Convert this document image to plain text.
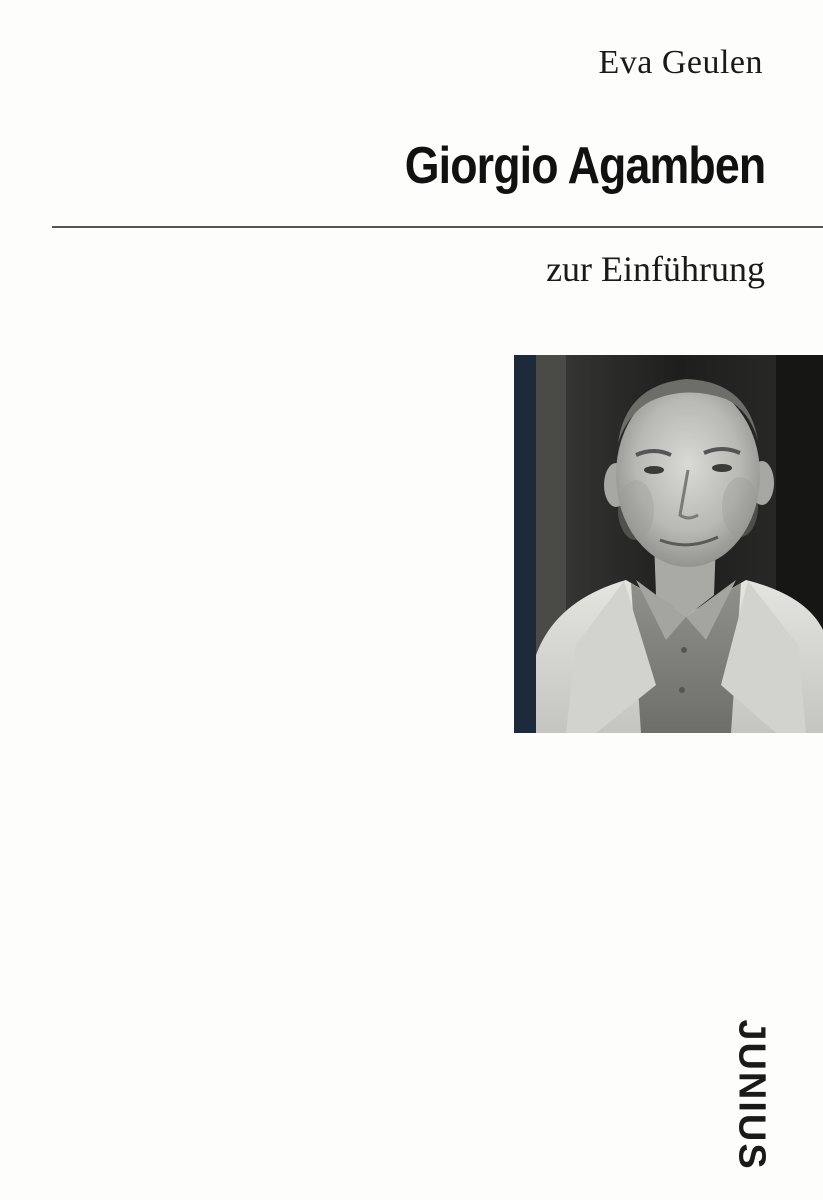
Eva Geulen
Giorgio Agamben
zur Einführung
JUNIUS
